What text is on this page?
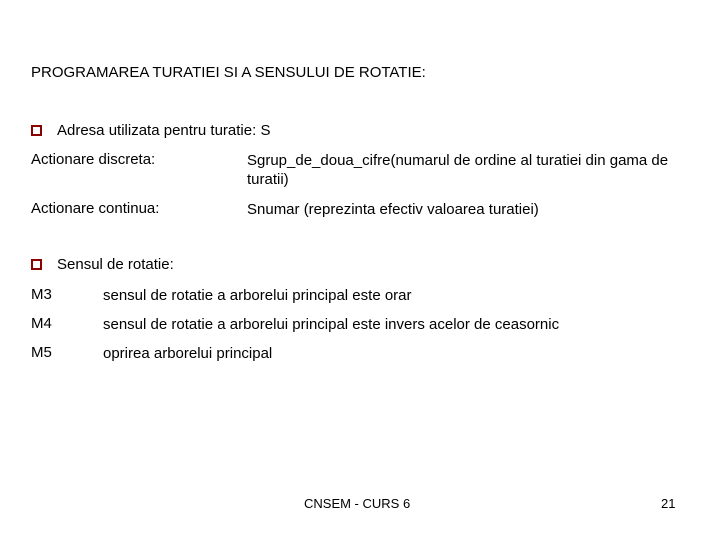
PROGRAMAREA TURATIEI SI A SENSULUI DE ROTATIE:
Adresa utilizata pentru turatie: S
Actionare discreta:	Sgrup_de_doua_cifre(numarul de ordine al turatiei din gama de turatii)
Actionare continua:	Snumar (reprezinta efectiv valoarea turatiei)
Sensul de rotatie:
M3	sensul de rotatie a arborelui principal este orar
M4	sensul de rotatie a arborelui principal este invers acelor de ceasornic
M5	oprirea arborelui principal
CNSEM - CURS 6	21
